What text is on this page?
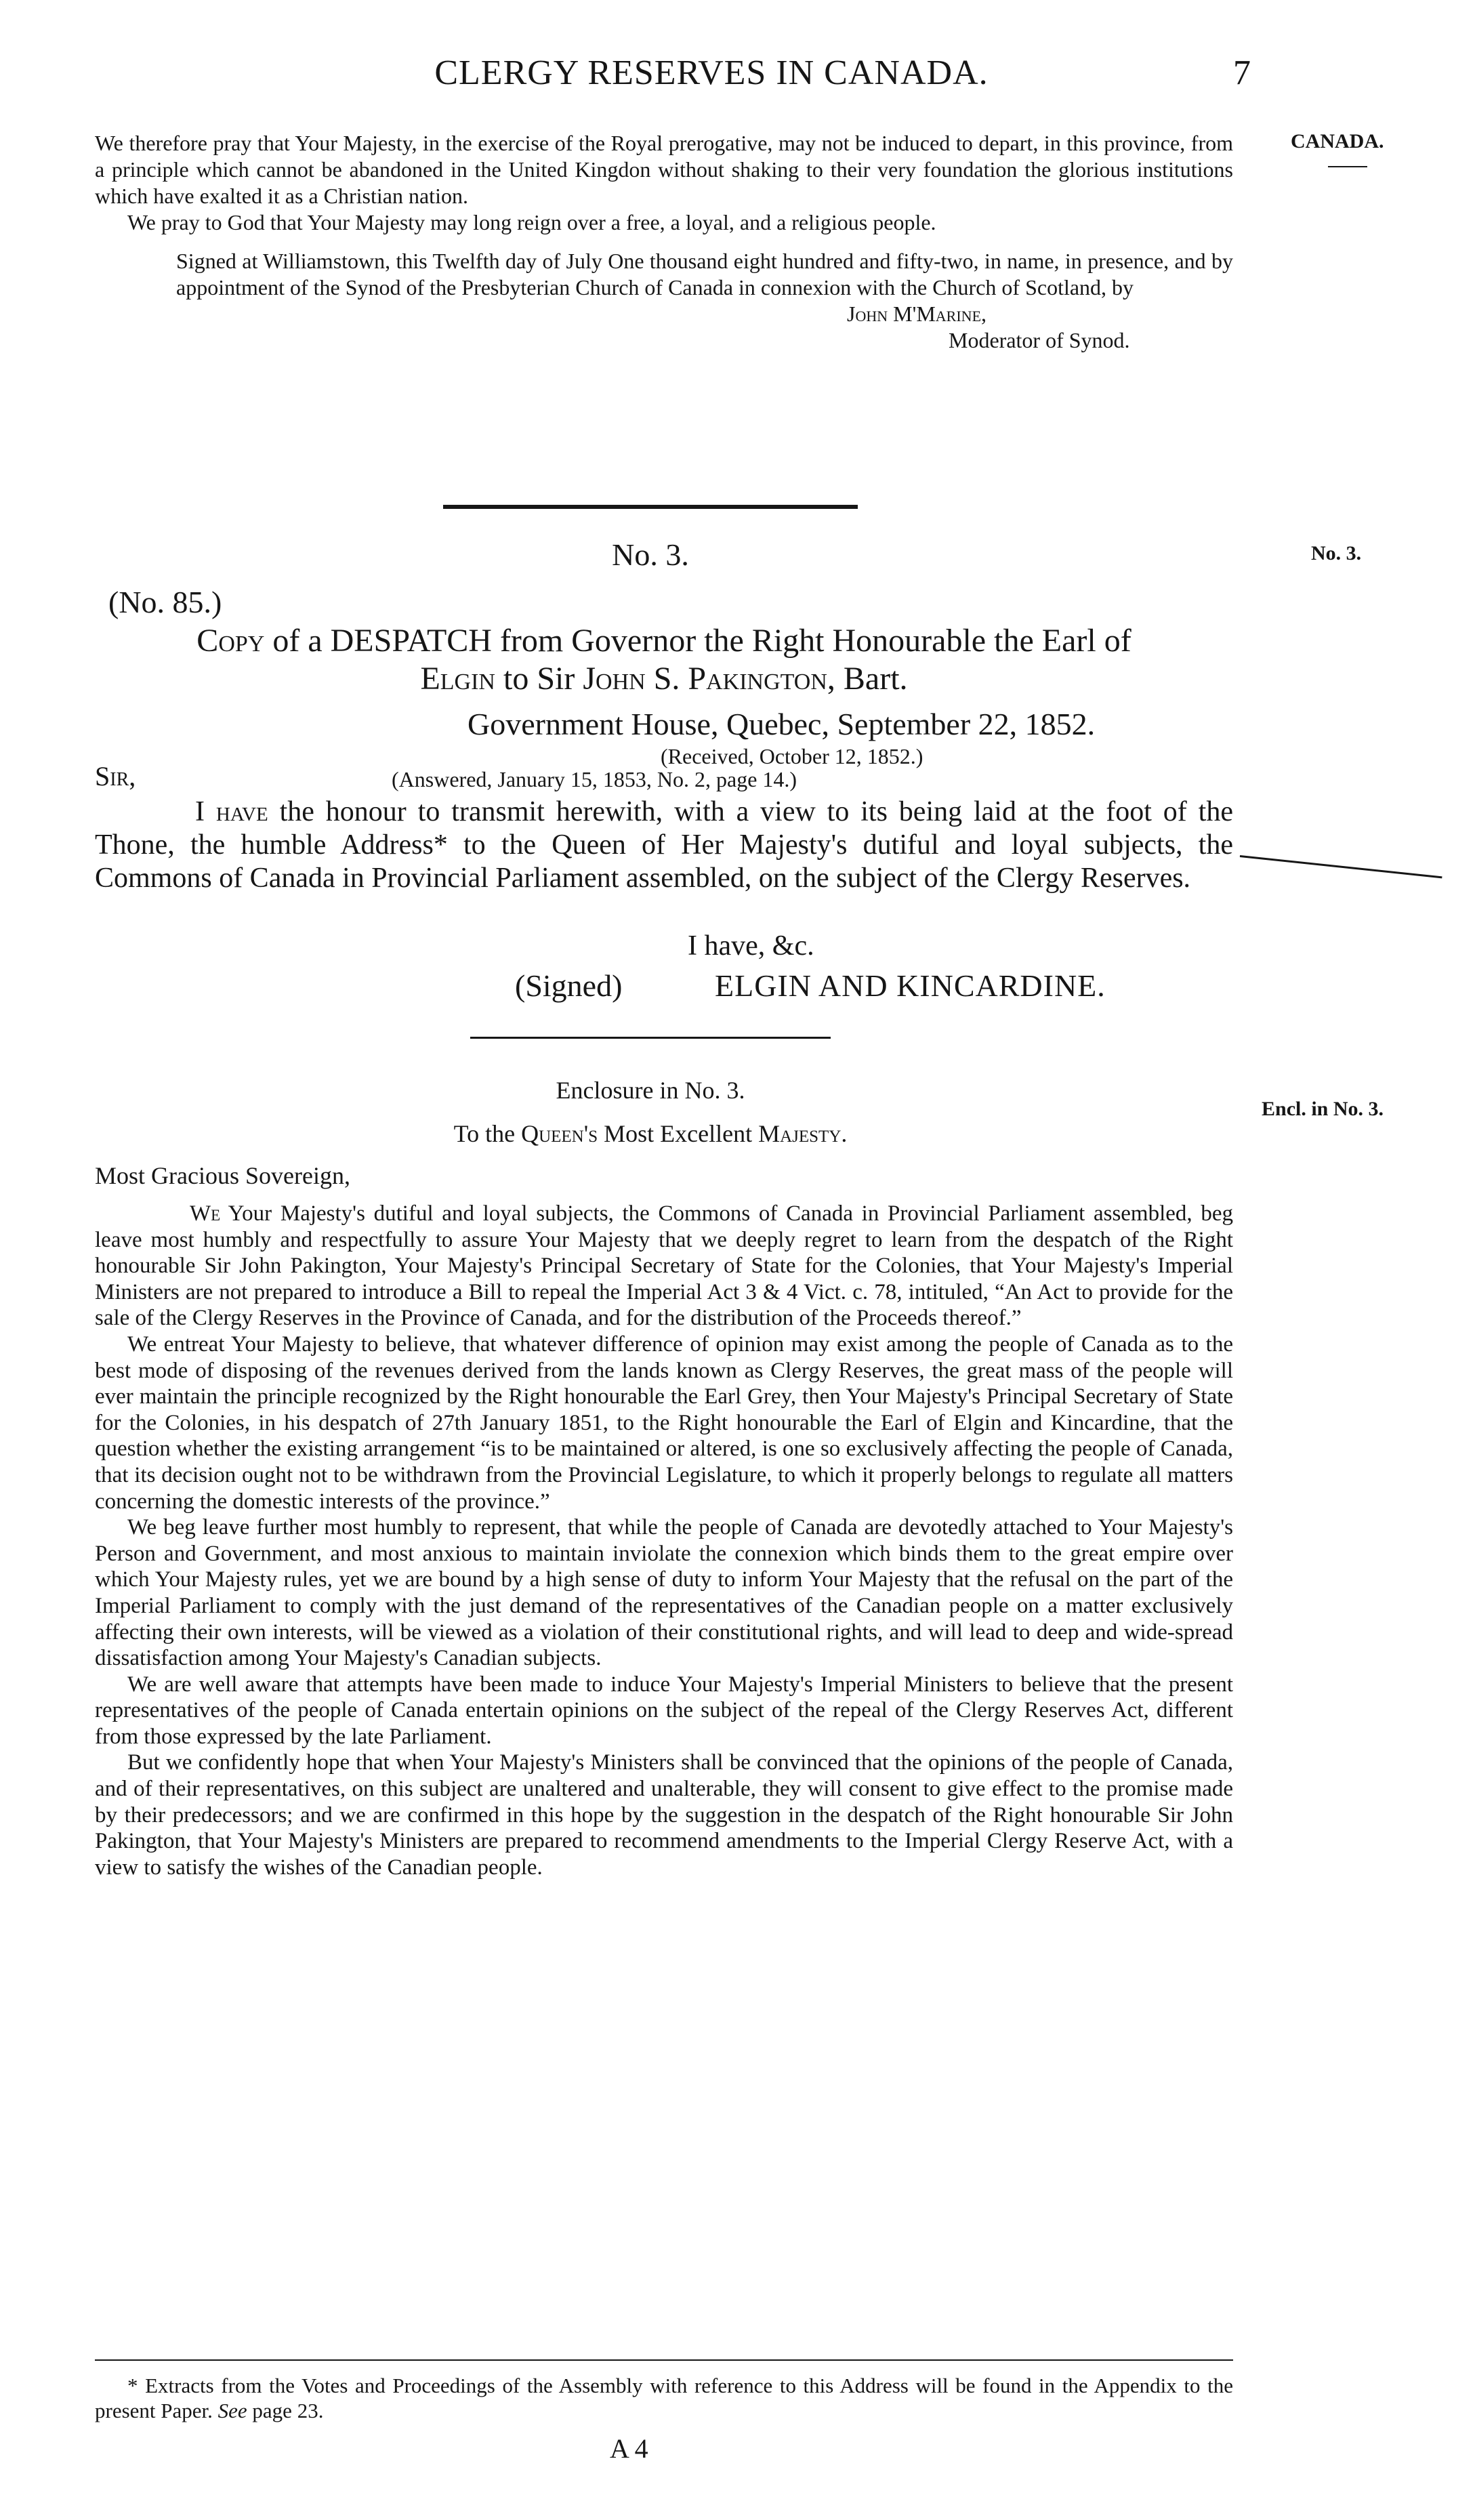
CLERGY RESERVES IN CANADA.	7
CANADA.

We therefore pray that Your Majesty, in the exercise of the Royal prerogative, may not be induced to depart, in this province, from a principle which cannot be abandoned in the United Kingdon without shaking to their very foundation the glorious institutions which have exalted it as a Christian nation.

We pray to God that Your Majesty may long reign over a free, a loyal, and a religious people.

Signed at Williamstown, this Twelfth day of July One thousand eight hundred and fifty-two, in name, in presence, and by appointment of the Synod of the Presbyterian Church of Canada in connexion with the Church of Scotland, by

John M'Marine,

Moderator of Synod.

No. 3.	No. 3.
(No. 85.)
Copy of a DESPATCH from Governor the Right Honourable the Earl of
Elgin to Sir John S. Pakington, Bart.
Government House, Quebec, September 22, 1852.
(Received, October 12, 1852.)
Sir,	(Answered, January 15, 1853, No. 2, page 14.)

I have the honour to transmit herewith, with a view to its being laid at the foot of the Thone, the humble Address* to the Queen of Her Majesty's dutiful and loyal subjects, the Commons of Canada in Provincial Parliament assembled, on the subject of the Clergy Reserves.

I have, &c.
(Signed)	ELGIN AND KINCARDINE.
Enclosure in No. 3.
Encl. in No. 3.
To the Queen's Most Excellent Majesty.
Most Gracious Sovereign,

We Your Majesty's dutiful and loyal subjects, the Commons of Canada in Provincial Parliament assembled, beg leave most humbly and respectfully to assure Your Majesty that we deeply regret to learn from the despatch of the Right honourable Sir John Pakington, Your Majesty's Principal Secretary of State for the Colonies, that Your Majesty's Imperial Ministers are not prepared to introduce a Bill to repeal the Imperial Act 3 & 4 Vict. c. 78, intituled, “An Act to provide for the sale of the Clergy Reserves in the Province of Canada, and for the distribution of the Proceeds thereof.”

We entreat Your Majesty to believe, that whatever difference of opinion may exist among the people of Canada as to the best mode of disposing of the revenues derived from the lands known as Clergy Reserves, the great mass of the people will ever maintain the principle recognized by the Right honourable the Earl Grey, then Your Majesty's Principal Secretary of State for the Colonies, in his despatch of 27th January 1851, to the Right honourable the Earl of Elgin and Kincardine, that the question whether the existing arrangement “is to be maintained or altered, is one so exclusively affecting the people of Canada, that its decision ought not to be withdrawn from the Provincial Legislature, to which it properly belongs to regulate all matters concerning the domestic interests of the province.”

We beg leave further most humbly to represent, that while the people of Canada are devotedly attached to Your Majesty's Person and Government, and most anxious to maintain inviolate the connexion which binds them to the great empire over which Your Majesty rules, yet we are bound by a high sense of duty to inform Your Majesty that the refusal on the part of the Imperial Parliament to comply with the just demand of the representatives of the Canadian people on a matter exclusively affecting their own interests, will be viewed as a violation of their constitutional rights, and will lead to deep and wide-spread dissatisfaction among Your Majesty's Canadian subjects.

We are well aware that attempts have been made to induce Your Majesty's Imperial Ministers to believe that the present representatives of the people of Canada entertain opinions on the subject of the repeal of the Clergy Reserves Act, different from those expressed by the late Parliament.

But we confidently hope that when Your Majesty's Ministers shall be convinced that the opinions of the people of Canada, and of their representatives, on this subject are unaltered and unalterable, they will consent to give effect to the promise made by their predecessors; and we are confirmed in this hope by the suggestion in the despatch of the Right honourable Sir John Pakington, that Your Majesty's Ministers are prepared to recommend amendments to the Imperial Clergy Reserve Act, with a view to satisfy the wishes of the Canadian people.

* Extracts from the Votes and Proceedings of the Assembly with reference to this Address will be found in the Appendix to the present Paper. See page 23.

A 4
